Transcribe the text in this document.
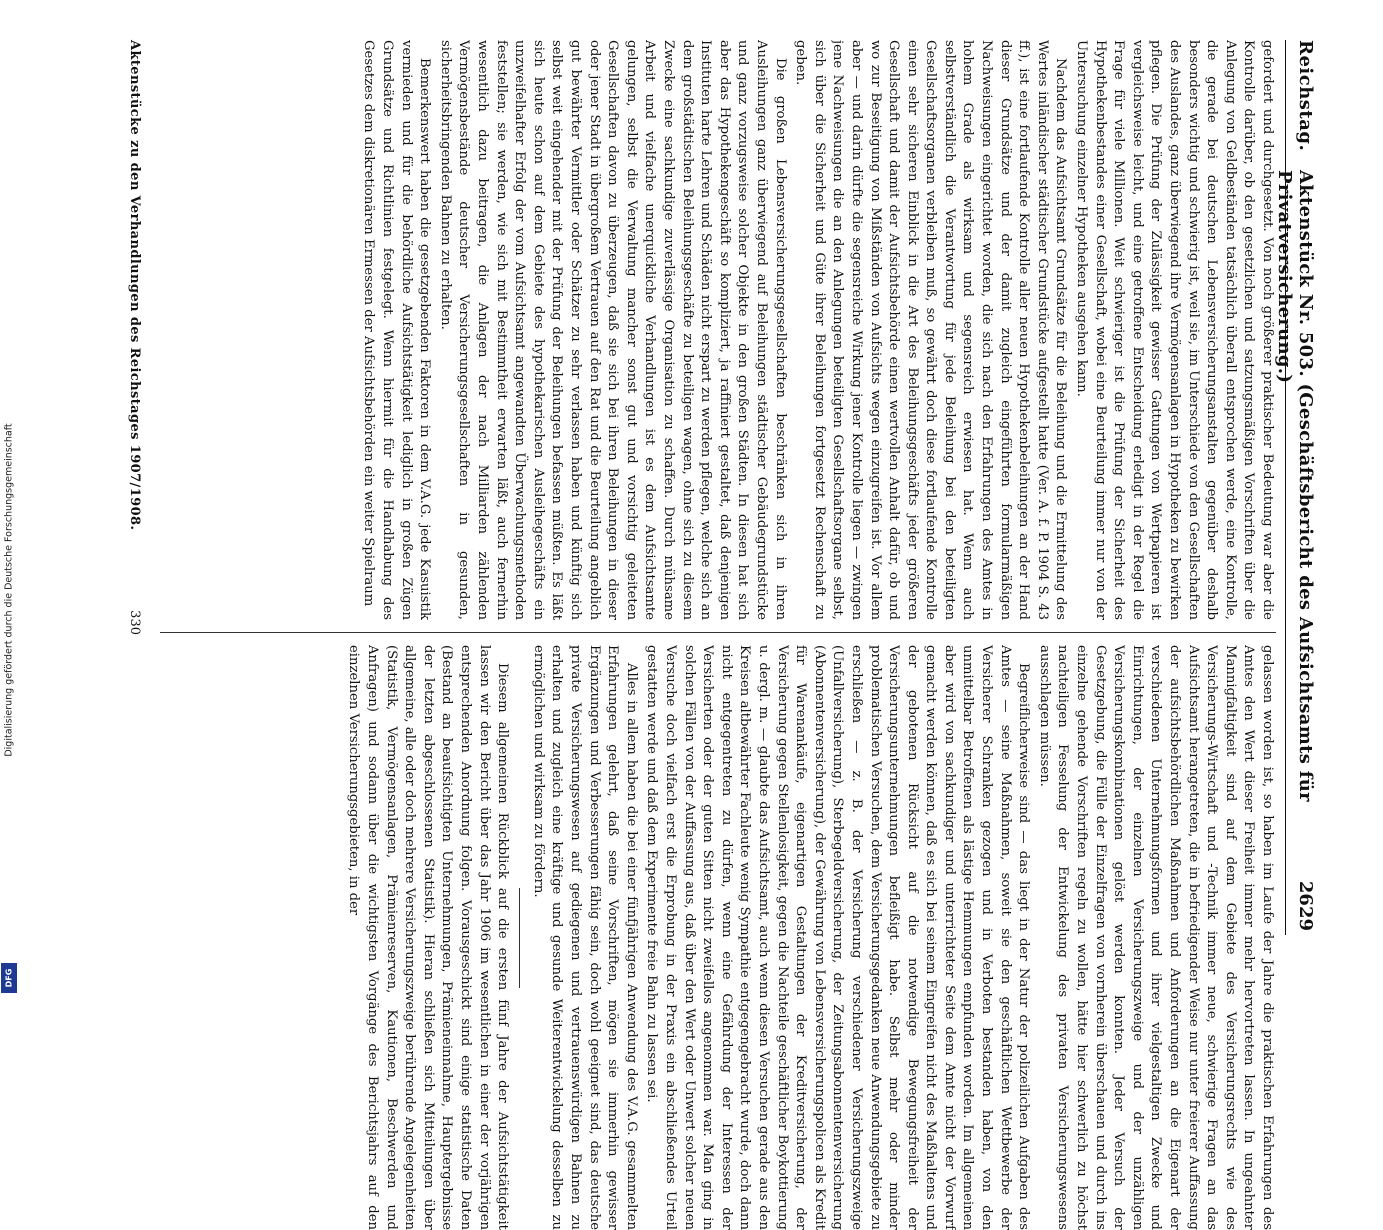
Digitalisierung gefördert durch die Deutsche Forschungsgemeinschaft
DFG
Reichstag.
Aktenstück Nr. 503. (Geschäftsbericht des Aufsichtsamts für Privatversicherung.)
2629

gefordert und durchgesetzt. Von noch größerer praktischer Bedeutung war aber die Kontrolle darüber, ob den gesetzlichen und satzungsmäßigen Vorschriften über die Anlegung von Geldbeständen tatsächlich überall entsprochen werde, eine Kontrolle, die gerade bei deutschen Lebensversicherungsanstalten gegenüber deshalb besonders wichtig und schwierig ist, weil sie, im Unterschiede von den Gesellschaften des Auslandes, ganz überwiegend ihre Vermögensanlagen in Hypotheken zu bewirken pflegen. Die Prüfung der Zulässigkeit gewisser Gattungen von Wertpapieren ist vergleichsweise leicht, und eine getroffene Entscheidung erledigt in der Regel die Frage für viele Millionen. Weit schwieriger ist die Prüfung der Sicherheit des Hypothekenbestandes einer Gesellschaft, wobei eine Beurteilung immer nur von der Untersuchung einzelner Hypotheken ausgehen kann.

Nachdem das Aufsichtsamt Grundsätze für die Beleihung und die Ermittelung des Wertes inländischer städtischer Grundstücke aufgestellt hatte (Ver. A. f. P. 1904 S. 43 ff.), ist eine fortlaufende Kontrolle aller neuen Hypothekenbeleihungen an der Hand dieser Grundsätze und der damit zugleich eingeführten formularmäßigen Nachweisungen eingerichtet worden, die sich nach den Erfahrungen des Amtes in hohem Grade als wirksam und segensreich erwiesen hat. Wenn auch selbstverständlich die Verantwortung für jede Beleihung bei den beteiligten Gesellschaftsorganen verbleiben muß, so gewährt doch diese fortlaufende Kontrolle einen sehr sicheren Einblick in die Art des Beleihungsgeschäfts jeder größeren Gesellschaft und damit der Aufsichtsbehörde einen wertvollen Anhalt dafür, ob und wo zur Beseitigung von Mißständen von Aufsichts wegen einzugreifen ist. Vor allem aber — und darin dürfte die segensreiche Wirkung jener Kontrolle liegen — zwingen jene Nachweisungen die an den Anlegungen beteiligten Gesellschaftsorgane selbst, sich über die Sicherheit und Güte ihrer Beleihungen fortgesetzt Rechenschaft zu geben.

Die großen Lebensversicherungsgesellschaften beschränken sich in ihren Ausleihungen ganz überwiegend auf Beleihungen städtischer Gebäudegrundstücke und ganz vorzugsweise solcher Objekte in den großen Städten. In diesen hat sich aber das Hypothekengeschäft so kompliziert, ja raffiniert gestaltet, daß denjenigen Instituten harte Lehren und Schäden nicht erspart zu werden pflegen, welche sich an dem großstädtischen Beleihungsgeschäfte zu beteiligen wagen, ohne sich zu diesem Zwecke eine sachkundige zuverlässige Organisation zu schaffen. Durch mühsame Arbeit und vielfache unerquickliche Verhandlungen ist es dem Aufsichtsamte gelungen, selbst die Verwaltung mancher sonst gut und vorsichtig geleiteten Gesellschaften davon zu überzeugen, daß sie sich bei ihren Beleihungen in dieser oder jener Stadt in übergroßem Vertrauen auf den Rat und die Beurteilung angeblich gut bewährter Vermittler oder Schätzer zu sehr verlassen haben und künftig sich selbst weit eingehender mit der Prüfung der Beleihungen befassen müßten. Es läßt sich heute schon auf dem Gebiete des hypothekarischen Ausleihegeschäfts ein unzweifelhafter Erfolg der vom Aufsichtsamt angewandten Überwachungsmethoden feststellen; sie werden, wie sich mit Bestimmtheit erwarten läßt, auch fernerhin wesentlich dazu beitragen, die Anlagen der nach Milliarden zählenden Vermögensbestände deutscher Versicherungsgesellschaften in gesunden, sicherheitsbringenden Bahnen zu erhalten.

Bemerkenswert haben die gesetzgebenden Faktoren in dem V.A.G. jede Kasuistik vermieden und für die behördliche Aufsichtstätigkeit lediglich in großen Zügen Grundsätze und Richtlinien festgelegt. Wenn hiermit für die Handhabung des Gesetzes dem diskretionären Ermessen der Aufsichtsbehörden ein weiter Spielraum

gelassen worden ist, so haben im Laufe der Jahre die praktischen Erfahrungen des Amtes den Wert dieser Freiheit immer mehr hervortreten lassen. In ungeahnter Mannigfaltigkeit sind auf dem Gebiete des Versicherungsrechts wie des Versicherungs-Wirtschaft und -Technik immer neue, schwierige Fragen an das Aufsichtsamt herangetreten, die in befriedigender Weise nur unter freierer Auffassung der aufsichtsbehördlichen Maßnahmen und Anforderungen an die Eigenart der verschiedenen Unternehmungsformen und ihrer vielgestaltigen Zwecke und Einrichtungen, der einzelnen Versicherungszweige und der unzähligen Versicherungskombinationen gelöst werden konnten. Jeder Versuch der Gesetzgebung, die Fülle der Einzelfragen von vornherein überschauen und durch ins einzelne gehende Vorschriften regeln zu wollen, hätte hier schwerlich zu höchst nachteiligen Fesselung der Entwickelung des privaten Versicherungswesens ausschlagen müssen.

Begreiflicherweise sind — das liegt in der Natur der polizeilichen Aufgaben des Amtes — seine Maßnahmen, soweit sie den geschäftlichen Wettbewerbe der Versicherer Schranken gezogen und in Verboten bestanden haben, von den unmittelbar Betroffenen als lästige Hemmungen empfunden worden. Im allgemeinen aber wird von sachkundiger und unterrichteter Seite dem Amte nicht der Vorwurf gemacht werden können, daß es sich bei seinem Eingreifen nicht des Maßhaltens und der gebotenen Rücksicht auf die notwendige Bewegungsfreiheit der Versicherungsunternehmungen befleißigt habe. Selbst mehr oder minder problematischen Versuchen, dem Versicherungsgedanken neue Anwendungsgebiete zu erschließen — z. B. der Versicherung verschiedener Versicherungszweige (Unfallversicherung), Sterbegeldversicherung, der Zeitungsabonnentenversicherung (Abonnentenversicherung), der Gewährung von Lebensversicherungspolicen als Kredit für Warenankäufe, eigenartigen Gestaltungen der Kreditversicherung, der Versicherung gegen Stellenlosigkeit, gegen die Nachteile geschäftlicher Boykottierung u. dergl. m. — glaubte das Aufsichtsamt, auch wenn diesen Versuchen gerade aus den Kreisen altbewährter Fachleute wenig Sympathie entgegengebracht wurde, doch dann nicht entgegentreten zu dürfen, wenn eine Gefährdung der Interessen der Versicherten oder der guten Sitten nicht zweifellos angenommen war. Man ging in solchen Fällen von der Auffassung aus, daß über den Wert oder Unwert solcher neuen Versuche doch vielfach erst die Erprobung in der Praxis ein abschließendes Urteil gestatten werde und daß dem Experimente freie Bahn zu lassen sei.

Alles in allem haben die bei einer fünfjährigen Anwendung des V.A.G. gesammelten Erfahrungen gelehrt, daß seine Vorschriften, mögen sie immerhin gewisser Ergänzungen und Verbesserungen fähig sein, doch wohl geeignet sind, das deutsche private Versicherungswesen auf gediegenen und vertrauenswürdigen Bahnen zu erhalten und zugleich eine kräftige und gesunde Weiterentwickelung desselben zu ermöglichen und wirksam zu fördern.

Diesem allgemeinen Rückblick auf die ersten fünf Jahre der Aufsichtstätigkeit lassen wir den Bericht über das Jahr 1906 im wesentlichen in einer der vorjährigen entsprechenden Anordnung folgen. Vorausgeschickt sind einige statistische Daten (Bestand an beaufsichtigten Unternehmungen, Prämieneinnahme, Hauptergebnisse der letzten abgeschlossenen Statistik). Hieran schließen sich Mitteilungen über allgemeine, alle oder doch mehrere Versicherungszweige berührende Angelegenheiten (Statistik, Vermögensanlagen, Prämienreserven, Kautionen, Beschwerden und Anfragen) und sodann über die wichtigsten Vorgänge des Berichtsjahrs auf den einzelnen Versicherungsgebieten, in der

Aktenstücke zu den Verhandlungen des Reichstages 1907/1908.
330
